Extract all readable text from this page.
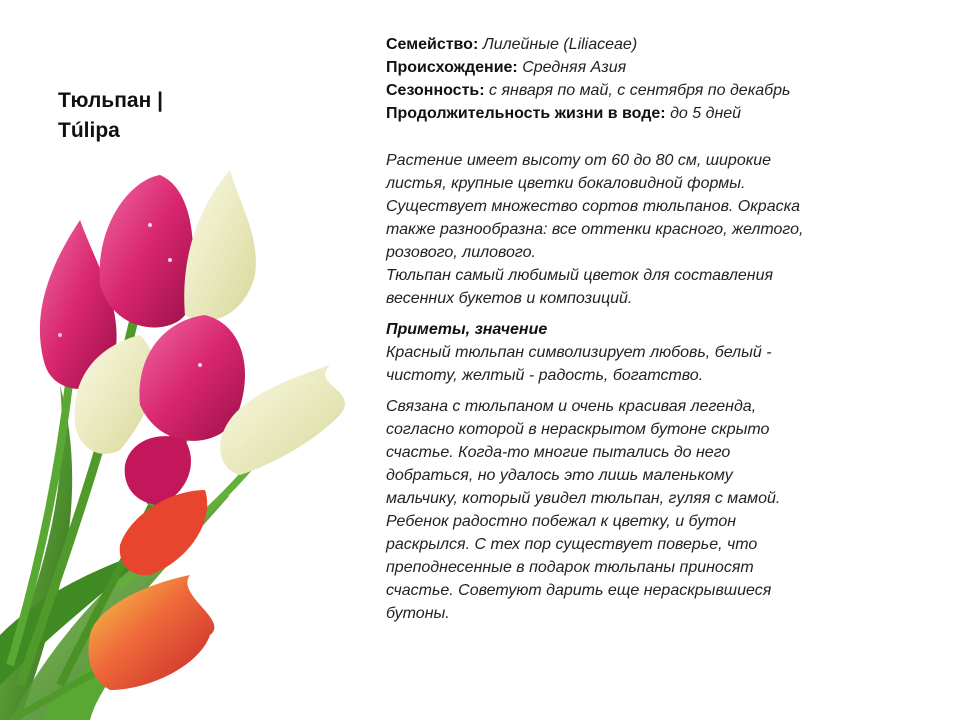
Тюльпан |
Túlipa
Семейство: Лилейные (Liliaceae)
Происхождение: Средняя Азия
Сезонность: с января по май, с сентября по декабрь
Продолжительность жизни в воде: до 5 дней
Растение имеет высоту от 60 до 80 см, широкие
листья, крупные цветки бокаловидной формы.
Существует множество сортов тюльпанов. Окраска
также разнообразна: все оттенки красного, желтого,
розового, лилового.
Тюльпан самый любимый цветок для составления
весенних букетов и композиций.
Приметы, значение
Красный тюльпан символизирует любовь, белый -
чистоту, желтый - радость, богатство.
Связана с тюльпаном и очень красивая легенда,
согласно которой в нераскрытом бутоне скрыто
счастье. Когда-то многие пытались до него
добраться, но удалось это лишь маленькому
мальчику, который увидел тюльпан, гуляя с мамой.
Ребенок радостно побежал к цветку, и бутон
раскрылся. С тех пор существует поверье, что
преподнесенные в подарок тюльпаны приносят
счастье. Советуют дарить еще нераскрывшиеся
бутоны.
